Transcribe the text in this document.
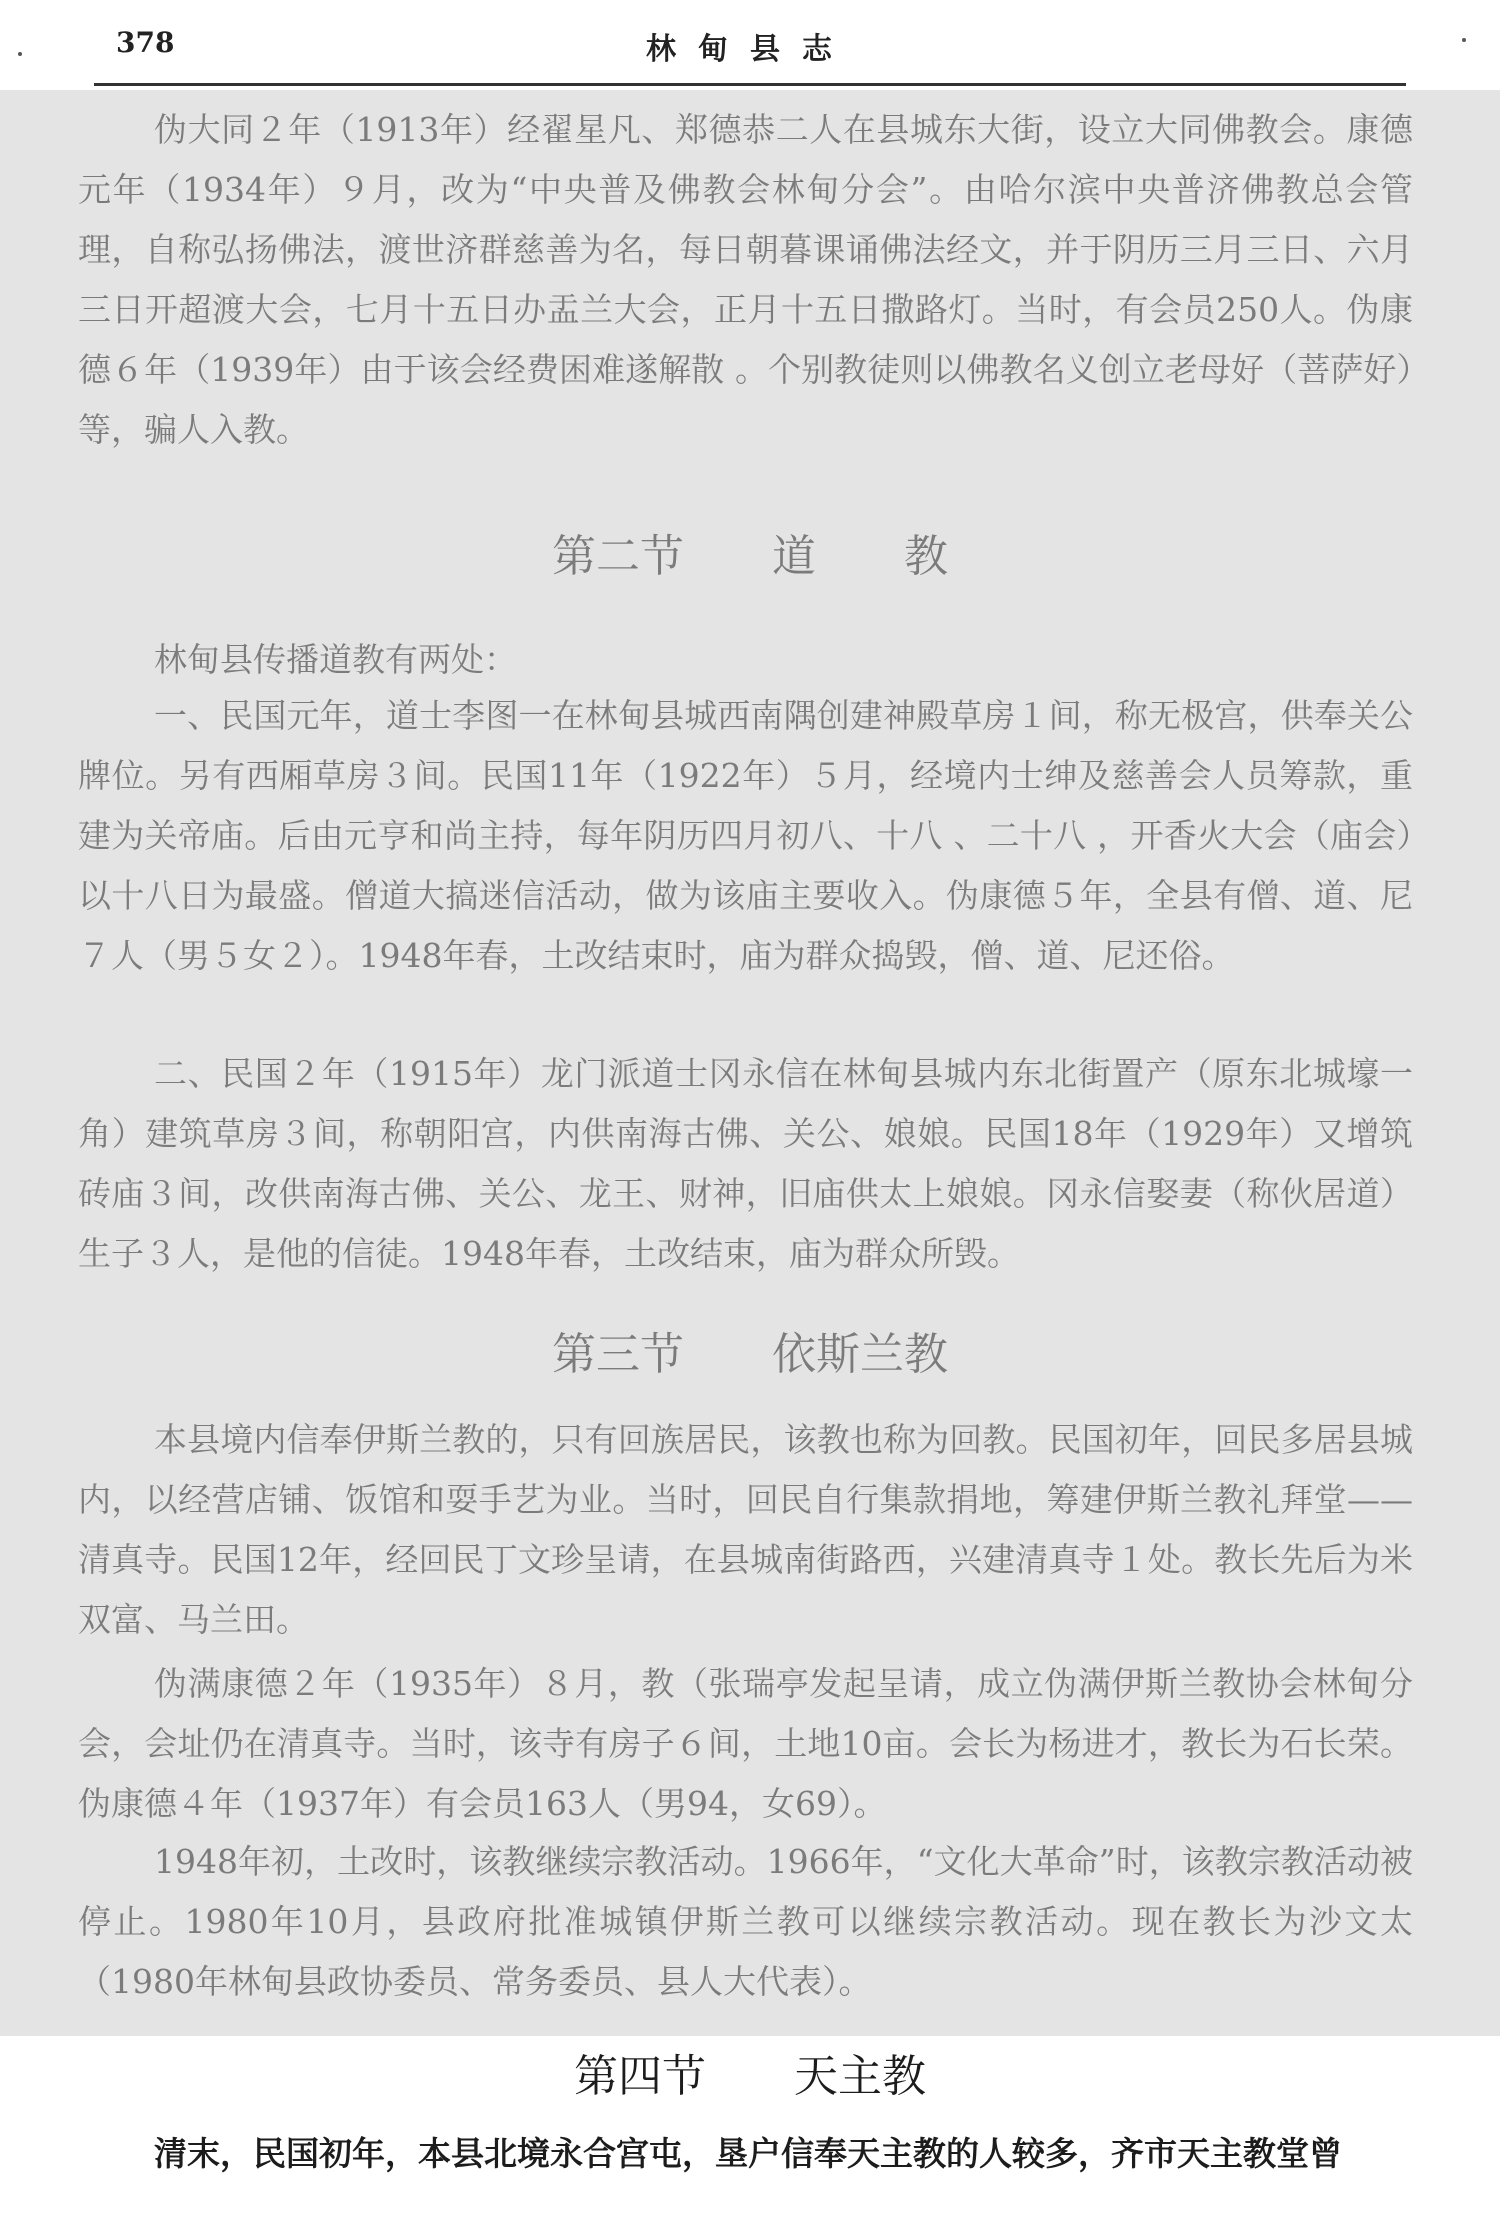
378	林甸县志

伪大同２年（1913年）经翟星凡、郑德恭二人在县城东大街，设立大同佛教会。康德元年（1934年）９月，改为“中央普及佛教会林甸分会”。由哈尔滨中央普济佛教总会管理，自称弘扬佛法，渡世济群慈善为名，每日朝暮课诵佛法经文，并于阴历三月三日、六月三日开超渡大会，七月十五日办盂兰大会，正月十五日撒路灯。当时，有会员250人。伪康德６年（1939年）由于该会经费困难遂解散 。个别教徒则以佛教名义创立老母好（菩萨好）等，骗人入教。

第二节　　道　　教

林甸县传播道教有两处：

一、民国元年，道士李图一在林甸县城西南隅创建神殿草房１间，称无极宫，供奉关公牌位。另有西厢草房３间。民国11年（1922年）５月，经境内士绅及慈善会人员筹款，重建为关帝庙。后由元亨和尚主持，每年阴历四月初八、十八 、二十八 ，开香火大会（庙会）以十八日为最盛。僧道大搞迷信活动，做为该庙主要收入。伪康德５年，全县有僧、道、尼７人（男５女２）。1948年春，土改结束时，庙为群众捣毁，僧、道、尼还俗。

二、民国２年（1915年）龙门派道士冈永信在林甸县城内东北街置产（原东北城壕一角）建筑草房３间，称朝阳宫，内供南海古佛、关公、娘娘。民国18年（1929年）又增筑砖庙３间，改供南海古佛、关公、龙王、财神，旧庙供太上娘娘。冈永信娶妻（称伙居道）生子３人，是他的信徒。1948年春，土改结束，庙为群众所毁。

第三节　　依斯兰教

本县境内信奉伊斯兰教的，只有回族居民，该教也称为回教。民国初年，回民多居县城内，以经营店铺、饭馆和耍手艺为业。当时，回民自行集款捐地，筹建伊斯兰教礼拜堂——清真寺。民国12年，经回民丁文珍呈请，在县城南街路西，兴建清真寺１处。教长先后为米双富、马兰田。

伪满康德２年（1935年）８月，教（张瑞亭发起呈请，成立伪满伊斯兰教协会林甸分会，会址仍在清真寺。当时，该寺有房子６间，土地10亩。会长为杨进才，教长为石长荣。伪康德４年（1937年）有会员163人（男94，女69）。

1948年初，土改时，该教继续宗教活动。1966年，“文化大革命”时，该教宗教活动被停止。1980年10月，县政府批准城镇伊斯兰教可以继续宗教活动。现在教长为沙文太（1980年林甸县政协委员、常务委员、县人大代表）。

第四节　　天主教

清末，民国初年，本县北境永合宫屯，垦户信奉天主教的人较多，齐市天主教堂曾
